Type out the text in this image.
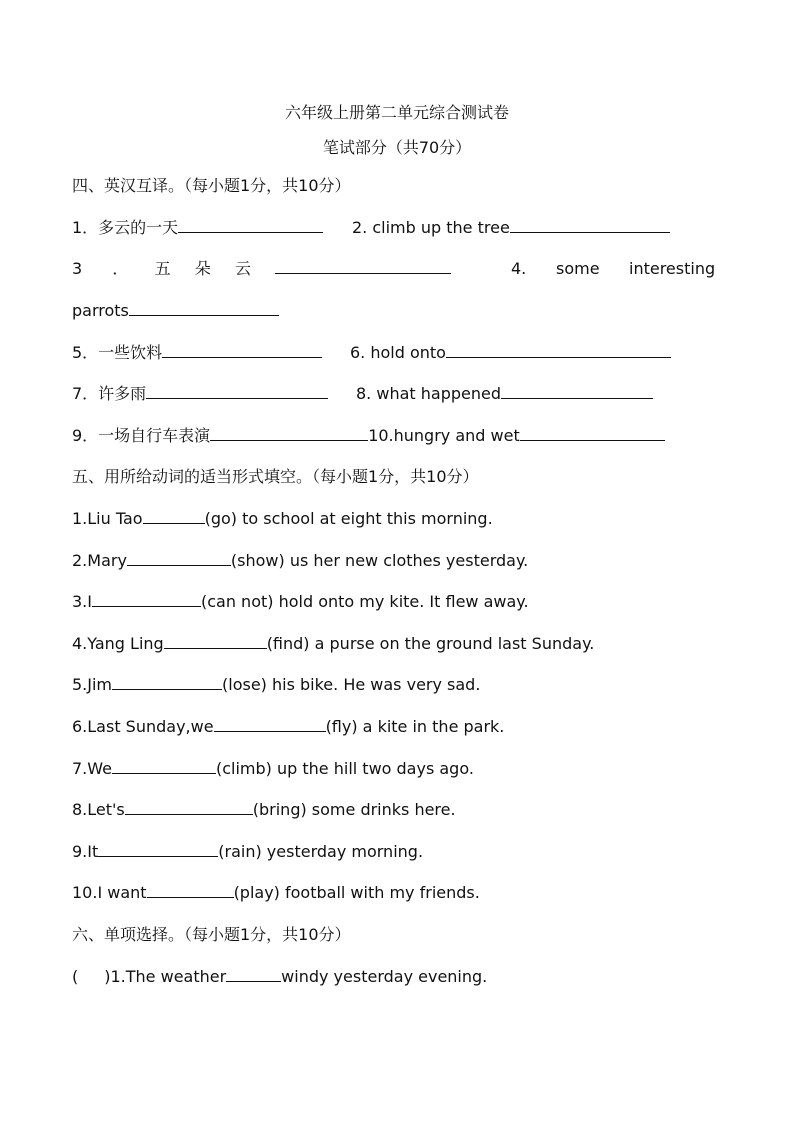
六年级上册第二单元综合测试卷
笔试部分（共70分）
四、英汉互译。（每小题1分，共10分）
1．多云的一天	2. climb up the tree
3 ． 五 朵 云	4. some interesting
parrots
5．一些饮料	6. hold onto
7．许多雨	8. what happened
9．一场自行车表演	10.hungry and wet
五、用所给动词的适当形式填空。（每小题1分，共10分）
1.Liu Tao	(go) to school at eight this morning.
2.Mary	(show) us her new clothes yesterday.
3.I	(can not) hold onto my kite. It flew away.
4.Yang Ling	(find) a purse on the ground last Sunday.
5.Jim	(lose) his bike. He was very sad.
6.Last Sunday,we	(fly) a kite in the park.
7.We	(climb) up the hill two days ago.
8.Let's	(bring) some drinks here.
9.It	(rain) yesterday morning.
10.I want	(play) football with my friends.
六、单项选择。（每小题1分，共10分）
( )1.The weather	windy yesterday evening.
